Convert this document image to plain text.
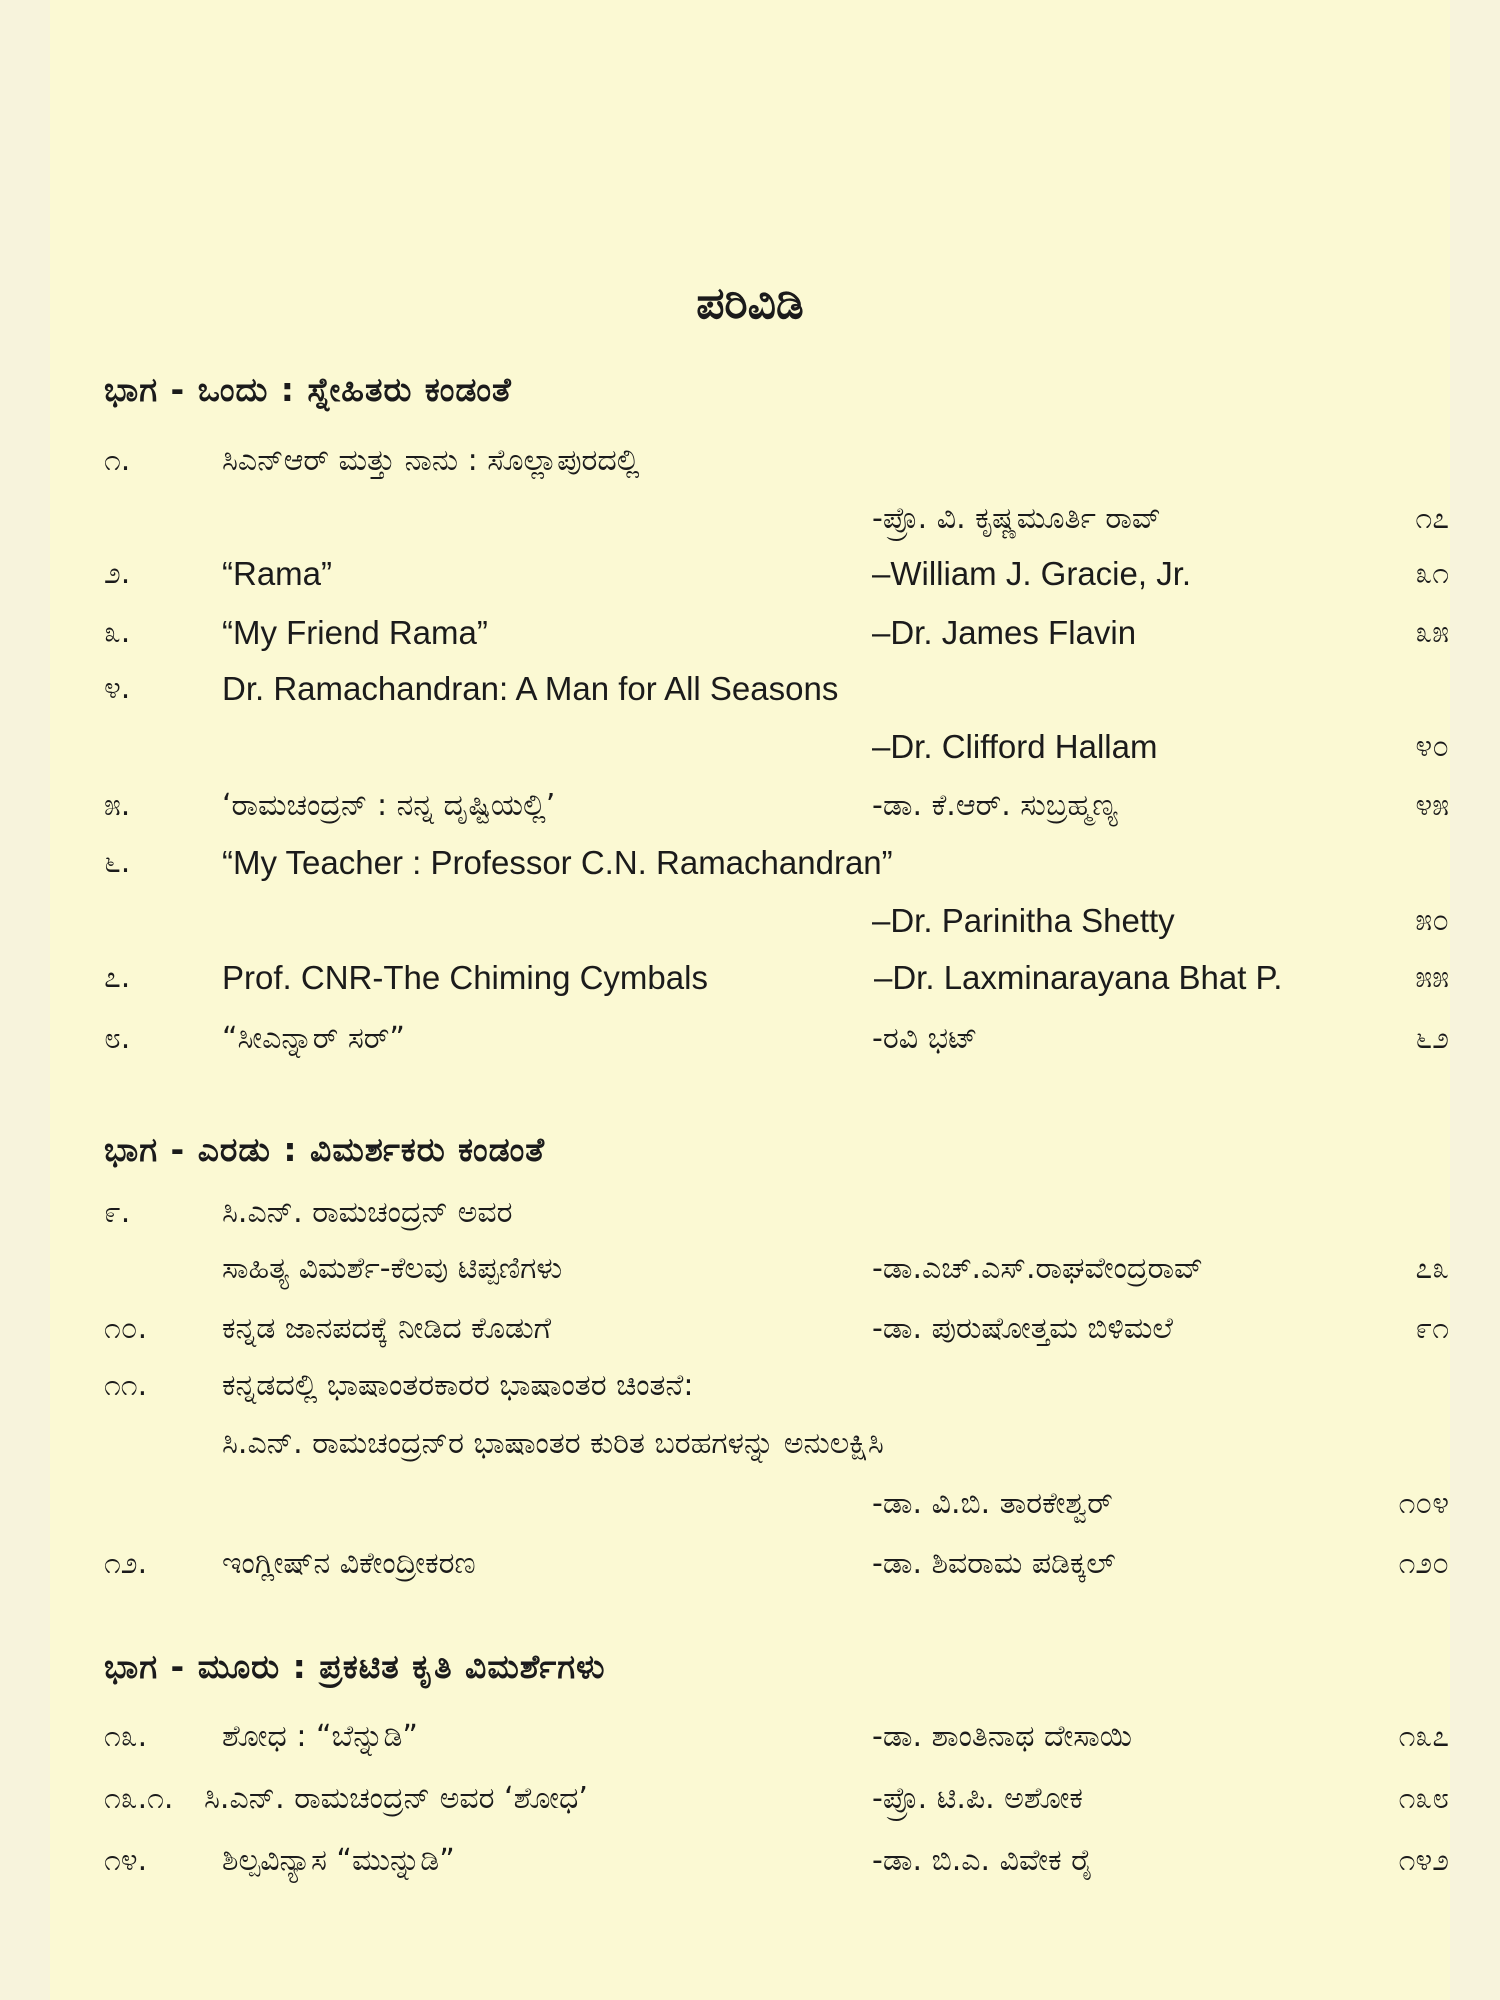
ಪರಿವಿಡಿ
ಭಾಗ - ಒಂದು : ಸ್ನೇಹಿತರು ಕಂಡಂತೆ
ಭಾಗ - ಎರಡು : ವಿಮರ್ಶಕರು ಕಂಡಂತೆ
ಭಾಗ - ಮೂರು : ಪ್ರಕಟಿತ ಕೃತಿ ವಿಮರ್ಶೆಗಳು
೧.	ಸಿಎನ್‌ಆರ್ ಮತ್ತು ನಾನು : ಸೊಲ್ಲಾಪುರದಲ್ಲಿ
-ಪ್ರೊ. ವಿ. ಕೃಷ್ಣಮೂರ್ತಿ ರಾವ್	೧೭
೨.	“Rama”	–William J. Gracie, Jr.	೩೧
೩.	“My Friend Rama”	–Dr. James Flavin	೩೫
೪.	Dr. Ramachandran: A Man for All Seasons
–Dr. Clifford Hallam	೪೦
೫.	‘ರಾಮಚಂದ್ರನ್ : ನನ್ನ ದೃಷ್ಟಿಯಲ್ಲಿ’	-ಡಾ. ಕೆ.ಆರ್. ಸುಬ್ರಹ್ಮಣ್ಯ	೪೫
೬.	“My Teacher : Professor C.N. Ramachandran”
–Dr. Parinitha Shetty	೫೦
೭.	Prof. CNR-The Chiming Cymbals	–Dr. Laxminarayana Bhat P.	೫೫
೮.	“ಸೀಎನ್ನಾರ್ ಸರ್”	-ರವಿ ಭಟ್	೬೨
೯.	ಸಿ.ಎನ್. ರಾಮಚಂದ್ರನ್ ಅವರ
ಸಾಹಿತ್ಯ ವಿಮರ್ಶೆ-ಕೆಲವು ಟಿಪ್ಪಣಿಗಳು	-ಡಾ.ಎಚ್.ಎಸ್.ರಾಘವೇಂದ್ರರಾವ್	೭೩
೧೦. ಕನ್ನಡ ಜಾನಪದಕ್ಕೆ ನೀಡಿದ ಕೊಡುಗೆ	-ಡಾ. ಪುರುಷೋತ್ತಮ ಬಿಳಿಮಲೆ	೯೧
೧೧. ಕನ್ನಡದಲ್ಲಿ ಭಾಷಾಂತರಕಾರರ ಭಾಷಾಂತರ ಚಿಂತನೆ:
ಸಿ.ಎನ್. ರಾಮಚಂದ್ರನ್‌ರ ಭಾಷಾಂತರ ಕುರಿತ ಬರಹಗಳನ್ನು ಅನುಲಕ್ಷಿಸಿ
-ಡಾ. ವಿ.ಬಿ. ತಾರಕೇಶ್ವರ್	೧೦೪
೧೨. ಇಂಗ್ಲೀಷ್‌ನ ವಿಕೇಂದ್ರೀಕರಣ	-ಡಾ. ಶಿವರಾಮ ಪಡಿಕ್ಕಲ್	೧೨೦
೧೩. ಶೋಧ : “ಬೆನ್ನುಡಿ”	-ಡಾ. ಶಾಂತಿನಾಥ ದೇಸಾಯಿ	೧೩೭
೧೩.೧. ಸಿ.ಎನ್. ರಾಮಚಂದ್ರನ್ ಅವರ ‘ಶೋಧ’	-ಪ್ರೊ. ಟಿ.ಪಿ. ಅಶೋಕ	೧೩೮
೧೪. ಶಿಲ್ಪವಿನ್ಯಾಸ “ಮುನ್ನುಡಿ”	-ಡಾ. ಬಿ.ಎ. ವಿವೇಕ ರೈ	೧೪೨
